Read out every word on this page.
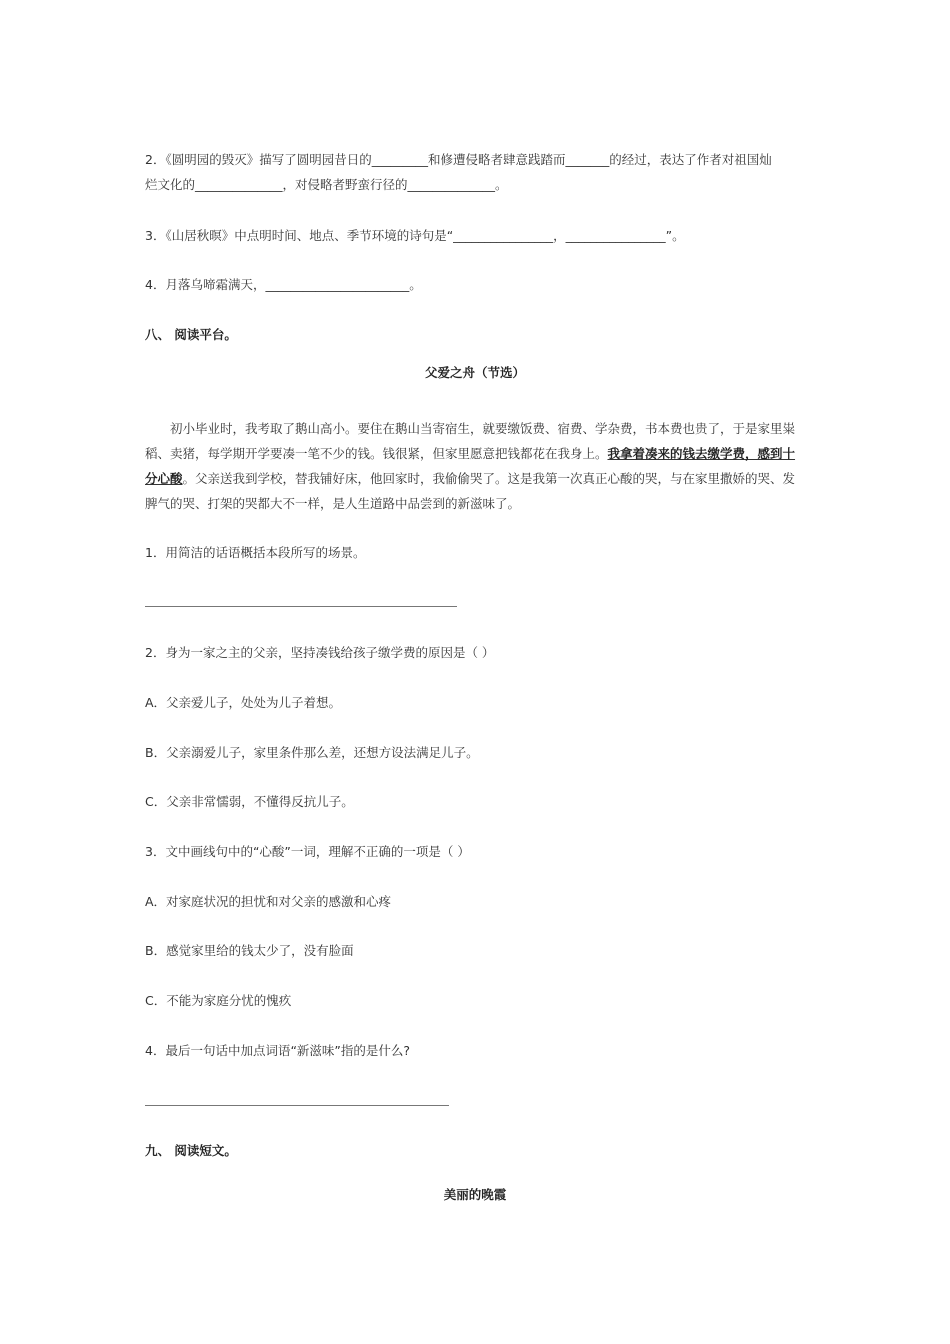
2．《圆明园的毁灭》描写了圆明园昔日的_________和修遭侵略者肆意践踏而_______的经过，表达了作者对祖国灿

烂文化的______________，对侵略者野蛮行径的______________。

3．《山居秋暝》中点明时间、地点、季节环境的诗句是“________________，________________”。

4．月落乌啼霜满天，_______________________。

八、 阅读平台。

父爱之舟（节选）

初小毕业时，我考取了鹅山高小。要住在鹅山当寄宿生，就要缴饭费、宿费、学杂费，书本费也贵了，于是家里粜稻、卖猪，每学期开学要凑一笔不少的钱。钱很紧，但家里愿意把钱都花在我身上。我拿着凑来的钱去缴学费，感到十分心酸。父亲送我到学校，替我铺好床，他回家时，我偷偷哭了。这是我第一次真正心酸的哭，与在家里撒娇的哭、发脾气的哭、打架的哭都大不一样，是人生道路中品尝到的新滋味了。

1．用简洁的话语概括本段所写的场景。

2．身为一家之主的父亲，坚持凑钱给孩子缴学费的原因是（ ）

A．父亲爱儿子，处处为儿子着想。

B．父亲溺爱儿子，家里条件那么差，还想方设法满足儿子。

C．父亲非常懦弱，不懂得反抗儿子。

3．文中画线句中的“心酸”一词，理解不正确的一项是（ ）

A．对家庭状况的担忧和对父亲的感激和心疼

B．感觉家里给的钱太少了，没有脸面

C．不能为家庭分忧的愧疚

4．最后一句话中加点词语“新滋味”指的是什么?

九、 阅读短文。

美丽的晚霞
